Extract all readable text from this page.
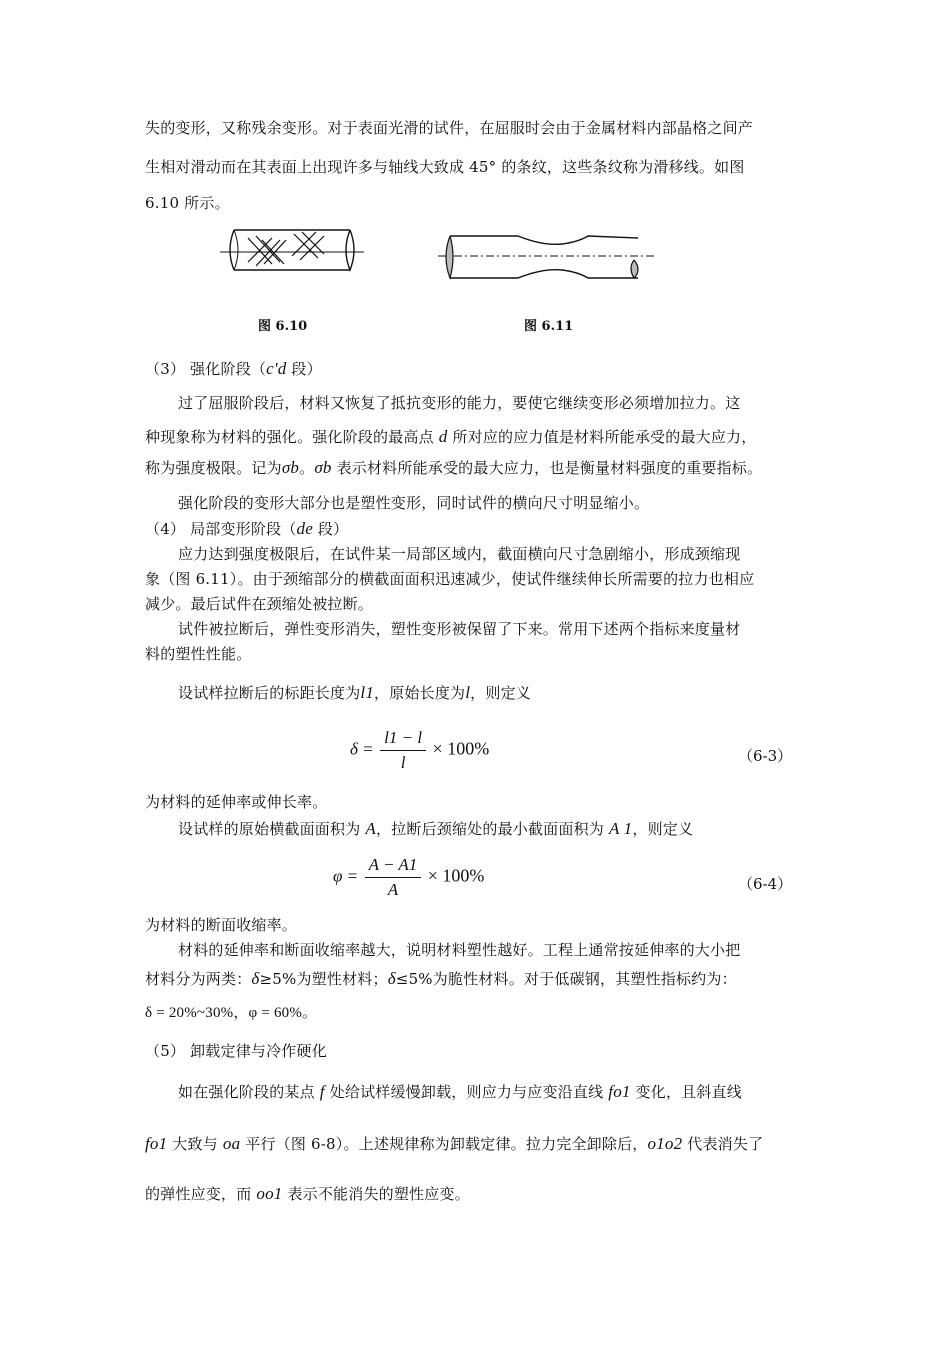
失的变形，又称残余变形。对于表面光滑的试件，在屈服时会由于金属材料内部晶格之间产
生相对滑动而在其表面上出现许多与轴线大致成 45° 的条纹，这些条纹称为滑移线。如图
6.10 所示。
图 6.10	图 6.11
（3） 强化阶段（c'd 段）
过了屈服阶段后，材料又恢复了抵抗变形的能力，要使它继续变形必须增加拉力。这
种现象称为材料的强化。强化阶段的最高点 d 所对应的应力值是材料所能承受的最大应力，
称为强度极限。记为σb。σb 表示材料所能承受的最大应力，也是衡量材料强度的重要指标。
强化阶段的变形大部分也是塑性变形，同时试件的横向尺寸明显缩小。
（4） 局部变形阶段（de 段）
应力达到强度极限后，在试件某一局部区域内，截面横向尺寸急剧缩小，形成颈缩现
象（图 6.11）。由于颈缩部分的横截面面积迅速减少，使试件继续伸长所需要的拉力也相应
减少。最后试件在颈缩处被拉断。
试件被拉断后，弹性变形消失，塑性变形被保留了下来。常用下述两个指标来度量材
料的塑性性能。
设试样拉断后的标距长度为l1，原始长度为l，则定义
$\delta = \frac{l1 - l}{l} \times 100\%$	（6-3）
为材料的延伸率或伸长率。
设试样的原始横截面面积为 A，拉断后颈缩处的最小截面面积为 A 1，则定义
$\varphi = \frac{A - A1}{A} \times 100\%$	（6-4）
为材料的断面收缩率。
材料的延伸率和断面收缩率越大，说明材料塑性越好。工程上通常按延伸率的大小把
材料分为两类：δ≥5%为塑性材料；δ≤5%为脆性材料。对于低碳钢，其塑性指标约为：
δ = 20%~30%，φ = 60%。
（5） 卸载定律与冷作硬化
如在强化阶段的某点 f 处给试样缓慢卸载，则应力与应变沿直线 fo1 变化，且斜直线
fo1 大致与 oa 平行（图 6-8）。上述规律称为卸载定律。拉力完全卸除后，o1o2 代表消失了
的弹性应变，而 oo1 表示不能消失的塑性应变。
